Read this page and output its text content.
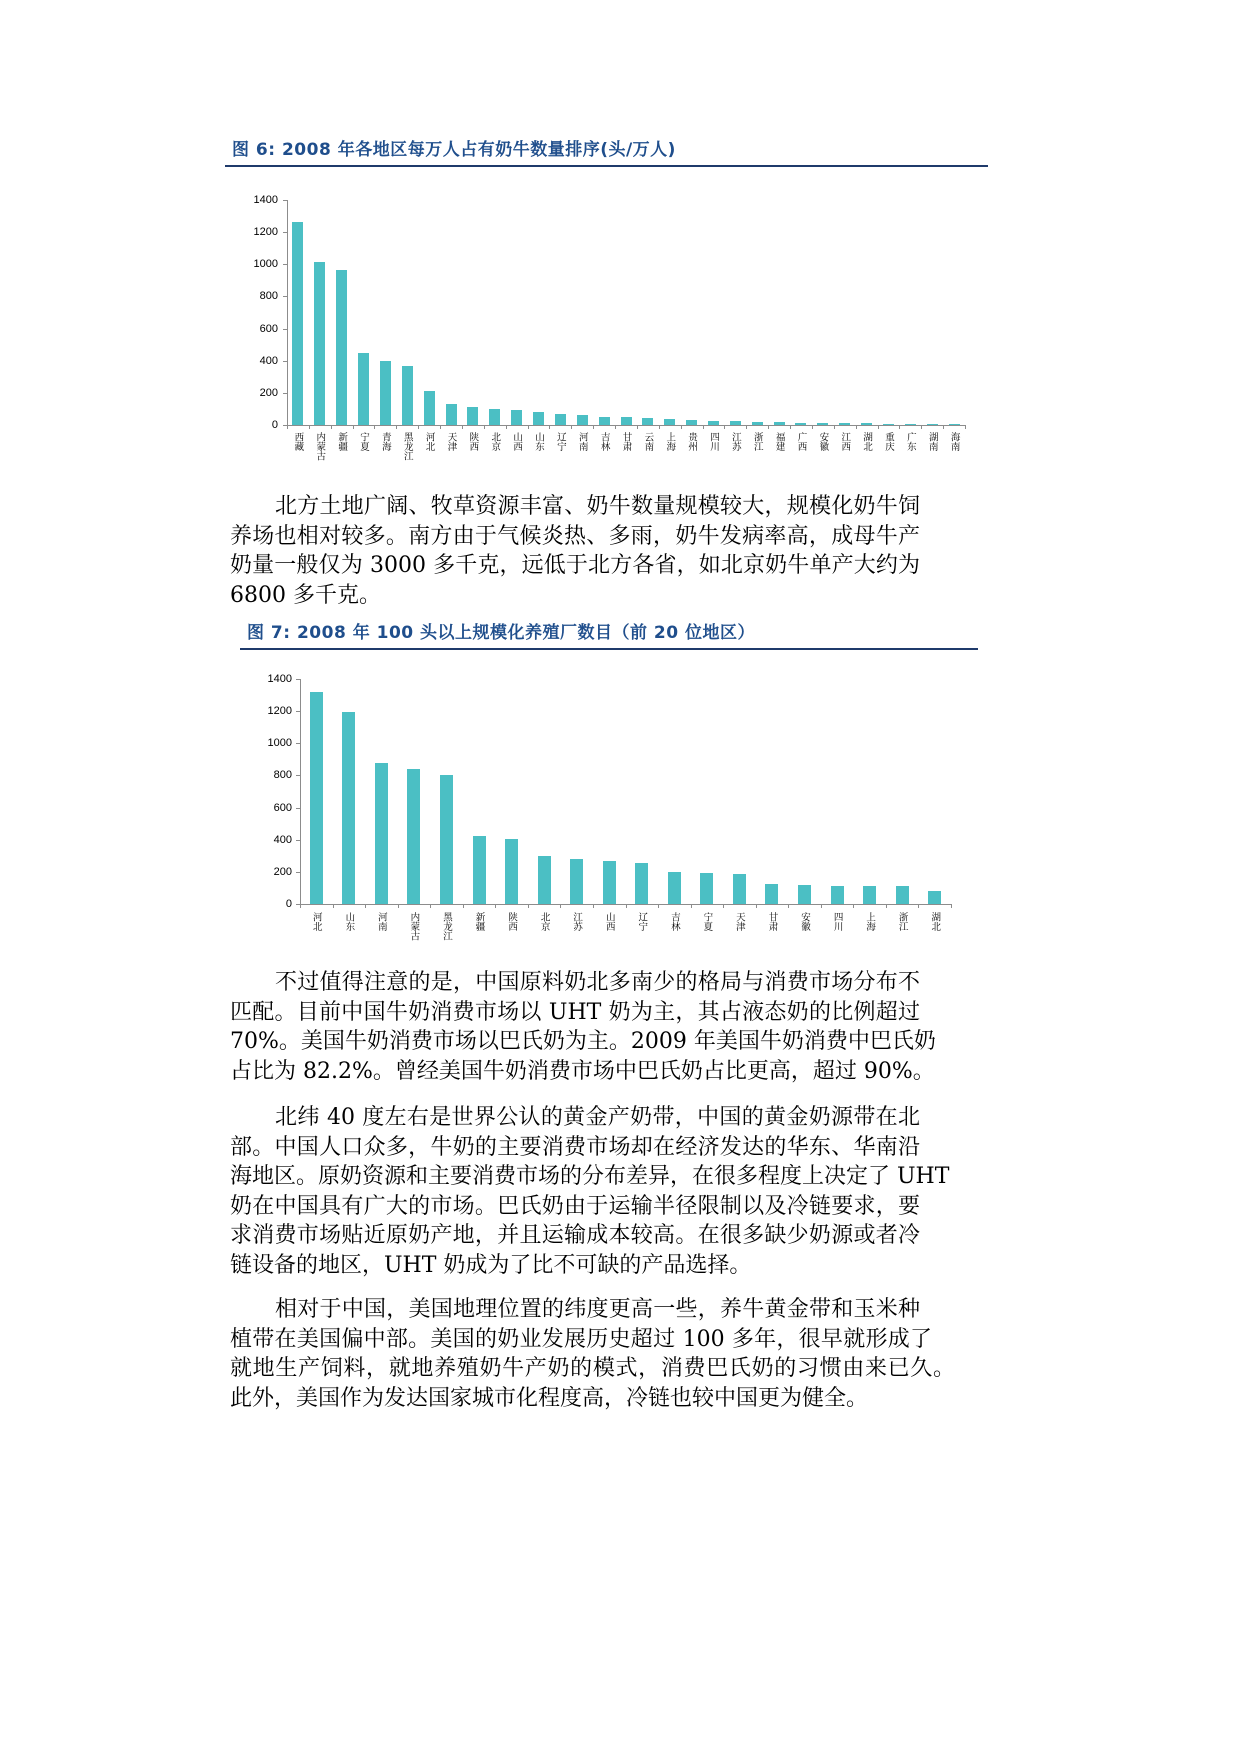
图 6: 2008 年各地区每万人占有奶牛数量排序(头/万人)
0
200
400
600
800
1000
1200
1400
西藏 内蒙古 新疆 宁夏 青海 黑龙江 河北 天津 陕西 北京 山西 山东 辽宁 河南 吉林 甘肃 云南 上海 贵州 四川 江苏 浙江 福建 广西 安徽 江西 湖北 重庆 广东 湖南 海南
北方土地广阔、牧草资源丰富、奶牛数量规模较大，规模化奶牛饲
养场也相对较多。南方由于气候炎热、多雨，奶牛发病率高，成母牛产
奶量一般仅为 3000 多千克，远低于北方各省，如北京奶牛单产大约为
6800 多千克。
图 7: 2008 年 100 头以上规模化养殖厂数目（前 20 位地区）
0
200
400
600
800
1000
1200
1400
河北 山东 河南 内蒙古 黑龙江 新疆 陕西 北京 江苏 山西 辽宁 吉林 宁夏 天津 甘肃 安徽 四川 上海 浙江 湖北
不过值得注意的是，中国原料奶北多南少的格局与消费市场分布不
匹配。目前中国牛奶消费市场以 UHT 奶为主，其占液态奶的比例超过
70%。美国牛奶消费市场以巴氏奶为主。2009 年美国牛奶消费中巴氏奶
占比为 82.2%。曾经美国牛奶消费市场中巴氏奶占比更高，超过 90%。
北纬 40 度左右是世界公认的黄金产奶带，中国的黄金奶源带在北
部。中国人口众多，牛奶的主要消费市场却在经济发达的华东、华南沿
海地区。原奶资源和主要消费市场的分布差异，在很多程度上决定了 UHT
奶在中国具有广大的市场。巴氏奶由于运输半径限制以及冷链要求，要
求消费市场贴近原奶产地，并且运输成本较高。在很多缺少奶源或者冷
链设备的地区，UHT 奶成为了比不可缺的产品选择。
相对于中国，美国地理位置的纬度更高一些，养牛黄金带和玉米种
植带在美国偏中部。美国的奶业发展历史超过 100 多年，很早就形成了
就地生产饲料，就地养殖奶牛产奶的模式，消费巴氏奶的习惯由来已久。
此外，美国作为发达国家城市化程度高，冷链也较中国更为健全。
